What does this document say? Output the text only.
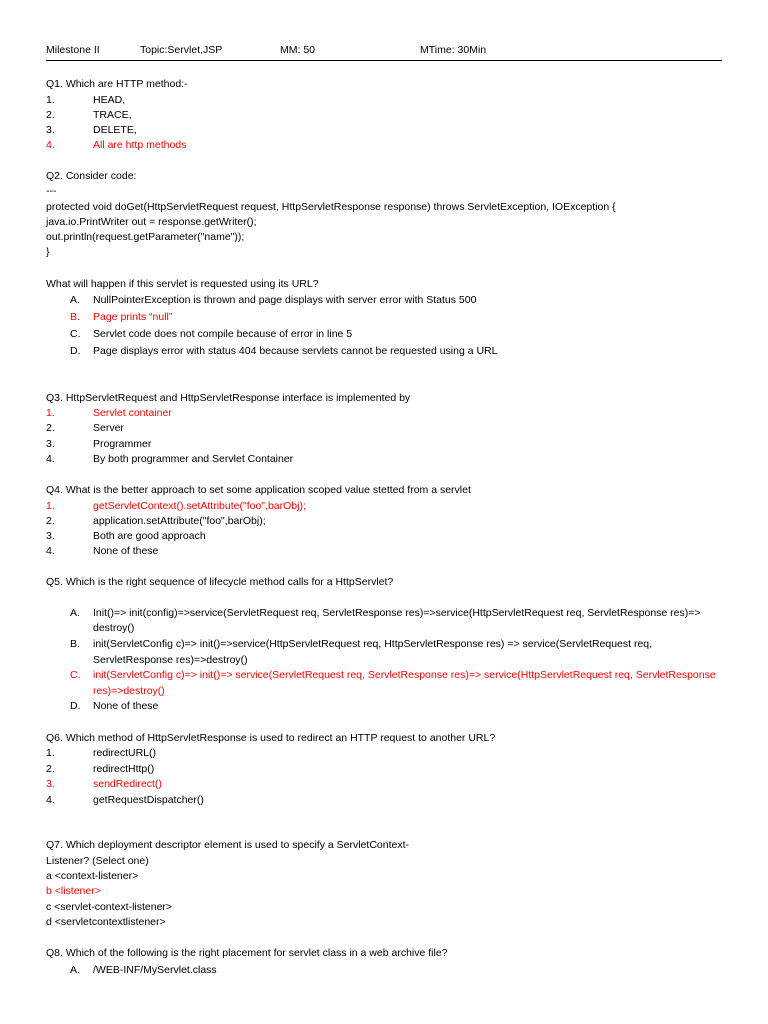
Milestone II	Topic:Servlet,JSP	MM: 50	MTime: 30Min
Q1. Which are HTTP method:-
1.	HEAD,
2.	TRACE,
3.	DELETE,
4.	All are http methods
Q2. Consider code:
---
protected void doGet(HttpServletRequest request, HttpServletResponse response) throws ServletException, IOException {
java.io.PrintWriter out = response.getWriter();
out.println(request.getParameter("name"));
}
What will happen if this servlet is requested using its URL?
A. NullPointerException is thrown and page displays with server error with Status 500
B. Page prints “null”
C. Servlet code does not compile because of error in line 5
D. Page displays error with status 404 because servlets cannot be requested using a URL
Q3. HttpServletRequest and HttpServletResponse interface is implemented by
1.	Servlet container
2.	Server
3.	Programmer
4.	By both programmer and Servlet Container
Q4. What is the better approach to set some application scoped value stetted from a servlet
1.	getServletContext().setAttribute("foo",barObj);
2.	application.setAttribute("foo",barObj);
3.	Both are good approach
4.	None of these
Q5. Which is the right sequence of lifecycle method calls for a HttpServlet?
A. Init()=> init(config)=>service(ServletRequest req, ServletResponse res)=>service(HttpServletRequest req, ServletResponse res)=>
destroy()
B. init(ServletConfig c)=> init()=>service(HttpServletRequest req, HttpServletResponse res) => service(ServletRequest req,
ServletResponse res)=>destroy()
C. init(ServletConfig c)=> init()=> service(ServletRequest req, ServletResponse res)=> service(HttpServletRequest req, ServletResponse
res)=>destroy()
D. None of these
Q6. Which method of HttpServletResponse is used to redirect an HTTP request to another URL?
1.	redirectURL()
2.	redirectHttp()
3.	sendRedirect()
4.	getRequestDispatcher()
Q7. Which deployment descriptor element is used to specify a ServletContext-
Listener? (Select one)
a <context-listener>
b <listener>
c <servlet-context-listener>
d <servletcontextlistener>
Q8. Which of the following is the right placement for servlet class in a web archive file?
A. /WEB-INF/MyServlet.class
